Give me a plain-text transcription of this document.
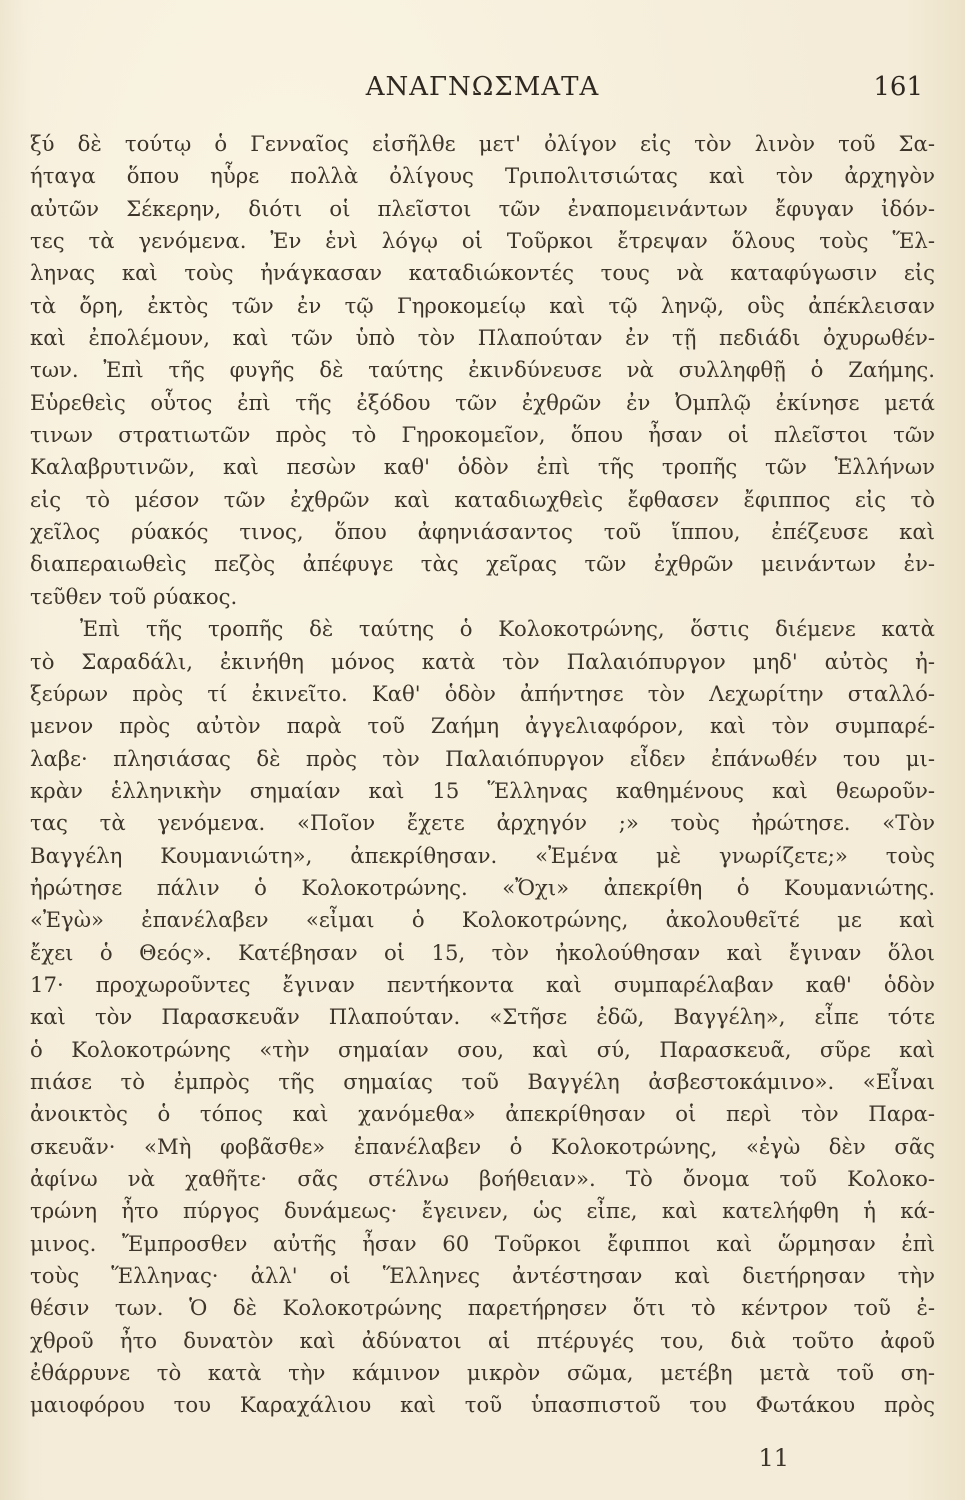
ΑΝΑΓΝΩΣΜΑΤΑ	161
ξύ δὲ τούτῳ ὁ Γενναῖος εἰσῆλθε μετ' ὀλίγον εἰς τὸν λινὸν τοῦ Σα-
ήταγα ὅπου ηὗρε πολλὰ ὀλίγους Τριπολιτσιώτας καὶ τὸν ἀρχηγὸν
αὐτῶν Σέκερην, διότι οἱ πλεῖστοι τῶν ἐναπομεινάντων ἔφυγαν ἰδόν-
τες τὰ γενόμενα. Ἐν ἑνὶ λόγῳ οἱ Τοῦρκοι ἔτρεψαν ὅλους τοὺς Ἕλ-
ληνας καὶ τοὺς ἠνάγκασαν καταδιώκοντές τους νὰ καταφύγωσιν εἰς
τὰ ὄρη, ἐκτὸς τῶν ἐν τῷ Γηροκομείῳ καὶ τῷ ληνῷ, οὓς ἀπέκλεισαν
καὶ ἐπολέμουν, καὶ τῶν ὑπὸ τὸν Πλαπούταν ἐν τῇ πεδιάδι ὀχυρωθέν-
των. Ἐπὶ τῆς φυγῆς δὲ ταύτης ἐκινδύνευσε νὰ συλληφθῇ ὁ Ζαήμης.
Εὑρεθεὶς οὗτος ἐπὶ τῆς ἐξόδου τῶν ἐχθρῶν ἐν Ὀμπλῷ ἐκίνησε μετά
τινων στρατιωτῶν πρὸς τὸ Γηροκομεῖον, ὅπου ἦσαν οἱ πλεῖστοι τῶν
Καλαβρυτινῶν, καὶ πεσὼν καθ' ὁδὸν ἐπὶ τῆς τροπῆς τῶν Ἑλλήνων
εἰς τὸ μέσον τῶν ἐχθρῶν καὶ καταδιωχθεὶς ἔφθασεν ἔφιππος εἰς τὸ
χεῖλος ρύακός τινος, ὅπου ἀφηνιάσαντος τοῦ ἵππου, ἐπέζευσε καὶ
διαπεραιωθεὶς πεζὸς ἀπέφυγε τὰς χεῖρας τῶν ἐχθρῶν μεινάντων ἐν-
τεῦθεν τοῦ ρύακος.
Ἐπὶ τῆς τροπῆς δὲ ταύτης ὁ Κολοκοτρώνης, ὅστις διέμενε κατὰ
τὸ Σαραδάλι, ἐκινήθη μόνος κατὰ τὸν Παλαιόπυργον μηδ' αὐτὸς ἠ-
ξεύρων πρὸς τί ἐκινεῖτο. Καθ' ὁδὸν ἀπήντησε τὸν Λεχωρίτην σταλλό-
μενον πρὸς αὐτὸν παρὰ τοῦ Ζαήμη ἀγγελιαφόρον, καὶ τὸν συμπαρέ-
λαβε· πλησιάσας δὲ πρὸς τὸν Παλαιόπυργον εἶδεν ἐπάνωθέν του μι-
κρὰν ἑλληνικὴν σημαίαν καὶ 15 Ἕλληνας καθημένους καὶ θεωροῦν-
τας τὰ γενόμενα. «Ποῖον ἔχετε ἀρχηγόν ;» τοὺς ἠρώτησε. «Τὸν
Βαγγέλη Κουμανιώτη», ἀπεκρίθησαν. «Ἐμένα μὲ γνωρίζετε;» τοὺς
ἠρώτησε πάλιν ὁ Κολοκοτρώνης. «Ὄχι» ἀπεκρίθη ὁ Κουμανιώτης.
«Ἐγὼ» ἐπανέλαβεν «εἶμαι ὁ Κολοκοτρώνης, ἀκολουθεῖτέ με καὶ
ἔχει ὁ Θεός». Κατέβησαν οἱ 15, τὸν ἠκολούθησαν καὶ ἔγιναν ὅλοι
17· προχωροῦντες ἔγιναν πεντήκοντα καὶ συμπαρέλαβαν καθ' ὁδὸν
καὶ τὸν Παρασκευᾶν Πλαπούταν. «Στῆσε ἐδῶ, Βαγγέλη», εἶπε τότε
ὁ Κολοκοτρώνης «τὴν σημαίαν σου, καὶ σύ, Παρασκευᾶ, σῦρε καὶ
πιάσε τὸ ἐμπρὸς τῆς σημαίας τοῦ Βαγγέλη ἀσβεστοκάμινο». «Εἶναι
ἀνοικτὸς ὁ τόπος καὶ χανόμεθα» ἀπεκρίθησαν οἱ περὶ τὸν Παρα-
σκευᾶν· «Μὴ φοβᾶσθε» ἐπανέλαβεν ὁ Κολοκοτρώνης, «ἐγὼ δὲν σᾶς
ἀφίνω νὰ χαθῆτε· σᾶς στέλνω βοήθειαν». Τὸ ὄνομα τοῦ Κολοκο-
τρώνη ἦτο πύργος δυνάμεως· ἔγεινεν, ὡς εἶπε, καὶ κατελήφθη ἡ κά-
μινος. Ἔμπροσθεν αὐτῆς ἦσαν 60 Τοῦρκοι ἔφιπποι καὶ ὥρμησαν ἐπὶ
τοὺς Ἕλληνας· ἀλλ' οἱ Ἕλληνες ἀντέστησαν καὶ διετήρησαν τὴν
θέσιν των. Ὁ δὲ Κολοκοτρώνης παρετήρησεν ὅτι τὸ κέντρον τοῦ ἐ-
χθροῦ ἦτο δυνατὸν καὶ ἀδύνατοι αἱ πτέρυγές του, διὰ τοῦτο ἀφοῦ
ἐθάρρυνε τὸ κατὰ τὴν κάμινον μικρὸν σῶμα, μετέβη μετὰ τοῦ ση-
μαιοφόρου του Καραχάλιου καὶ τοῦ ὑπασπιστοῦ του Φωτάκου πρὸς
11
